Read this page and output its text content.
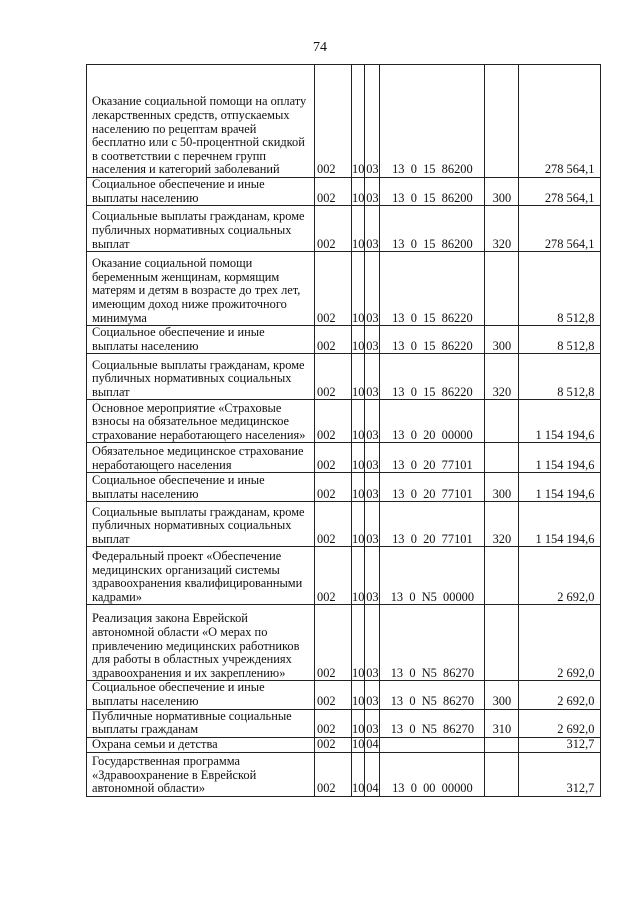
74
Оказание социальной помощи на оплату лекарственных средств, отпускаемых населению по рецептам врачей бесплатно или с 50-процентной скидкой в соответствии с перечнем групп населения и категорий заболеваний	002	10	03	13  0  15  86200		278 564,1
Социальное обеспечение и иные выплаты населению	002	10	03	13  0  15  86200	300	278 564,1
Социальные выплаты гражданам, кроме публичных нормативных социальных выплат	002	10	03	13  0  15  86200	320	278 564,1
Оказание социальной помощи беременным женщинам, кормящим матерям и детям в возрасте до трех лет, имеющим доход ниже прожиточного минимума	002	10	03	13  0  15  86220		8 512,8
Социальное обеспечение и иные выплаты населению	002	10	03	13  0  15  86220	300	8 512,8
Социальные выплаты гражданам, кроме публичных нормативных социальных выплат	002	10	03	13  0  15  86220	320	8 512,8
Основное мероприятие «Страховые взносы на обязательное медицинское страхование неработающего населения»	002	10	03	13  0  20  00000		1 154 194,6
Обязательное медицинское страхование неработающего населения	002	10	03	13  0  20  77101		1 154 194,6
Социальное обеспечение и иные выплаты населению	002	10	03	13  0  20  77101	300	1 154 194,6
Социальные выплаты гражданам, кроме публичных нормативных социальных выплат	002	10	03	13  0  20  77101	320	1 154 194,6
Федеральный проект «Обеспечение медицинских организаций системы здравоохранения квалифицированными кадрами»	002	10	03	13  0  N5  00000		2 692,0
Реализация закона Еврейской автономной области «О мерах по привлечению медицинских работников для работы в областных учреждениях здравоохранения и их закреплению»	002	10	03	13  0  N5  86270		2 692,0
Социальное обеспечение и иные выплаты населению	002	10	03	13  0  N5  86270	300	2 692,0
Публичные нормативные социальные выплаты гражданам	002	10	03	13  0  N5  86270	310	2 692,0
Охрана семьи и детства	002	10	04			312,7
Государственная программа «Здравоохранение в Еврейской автономной области»	002	10	04	13  0  00  00000		312,7
